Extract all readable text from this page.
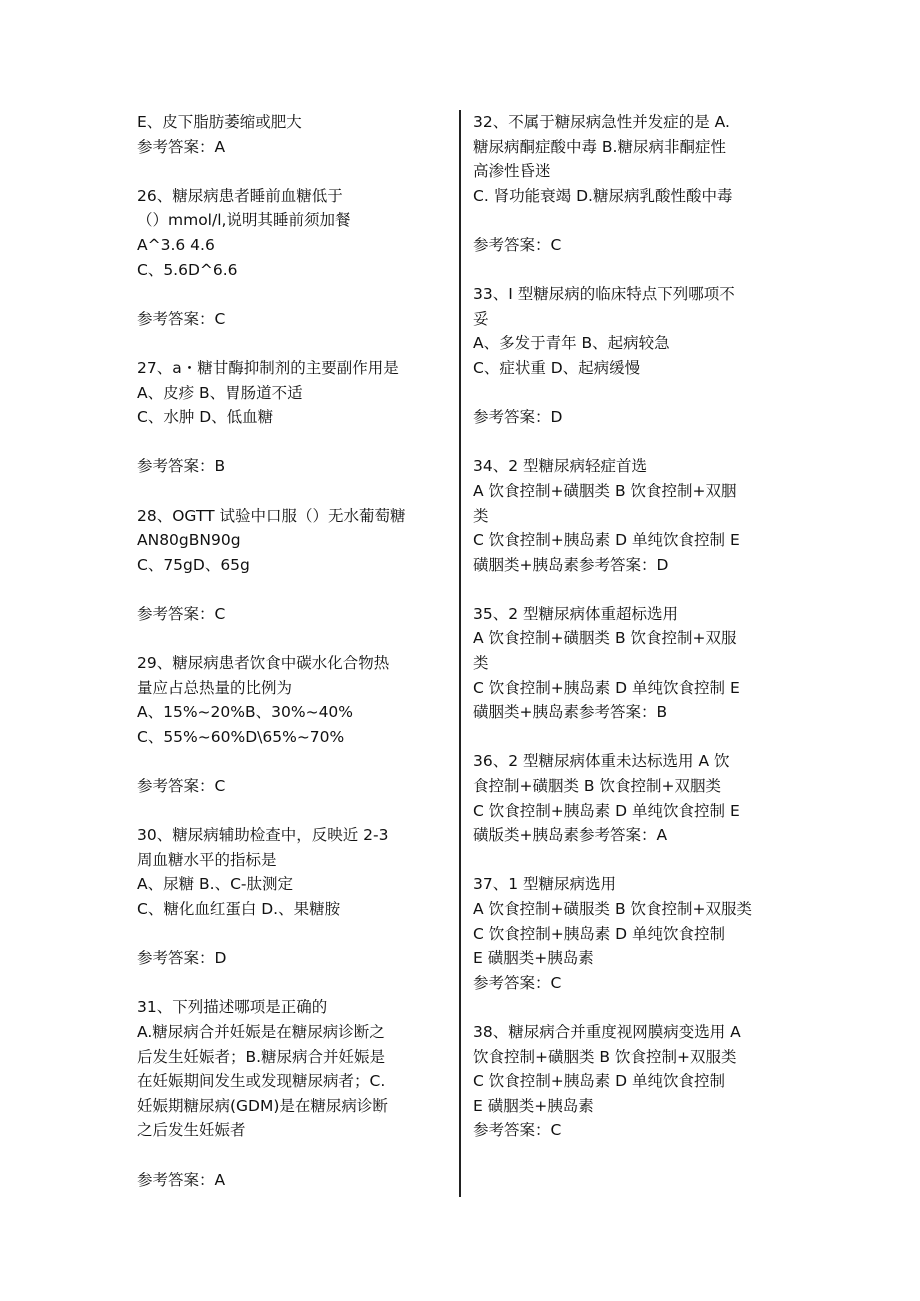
E、皮下脂肪萎缩或肥大
参考答案：A
26、糖尿病患者睡前血糖低于
（）mmol/l,说明其睡前须加餐
A^3.6 4.6
C、5.6D^6.6
参考答案：C
27、a・糖甘酶抑制剂的主要副作用是
A、皮疹 B、胃肠道不适
C、水肿 D、低血糖
参考答案：B
28、OGTT 试验中口服（）无水葡萄糖
AN80gBN90g
C、75gD、65g
参考答案：C
29、糖尿病患者饮食中碳水化合物热
量应占总热量的比例为
A、15%~20%B、30%~40%
C、55%~60%D\65%~70%
参考答案：C
30、糖尿病辅助检查中，反映近 2-3
周血糖水平的指标是
A、尿糖 B.、C-肽测定
C、糖化血红蛋白 D.、果糖胺
参考答案：D
31、下列描述哪项是正确的
A.糖尿病合并妊娠是在糖尿病诊断之
后发生妊娠者；B.糖尿病合并妊娠是
在妊娠期间发生或发现糖尿病者；C.
妊娠期糖尿病(GDM)是在糖尿病诊断
之后发生妊娠者
参考答案：A
32、不属于糖尿病急性并发症的是 A.
糖尿病酮症酸中毒 B.糖尿病非酮症性
高渗性昏迷
C. 肾功能衰竭 D.糖尿病乳酸性酸中毒
参考答案：C
33、I 型糖尿病的临床特点下列哪项不
妥
A、多发于青年 B、起病较急
C、症状重 D、起病缓慢
参考答案：D
34、2 型糖尿病轻症首选
A 饮食控制+磺胭类 B 饮食控制+双胭
类
C 饮食控制+胰岛素 D 单纯饮食控制 E
磺胭类+胰岛素参考答案：D
35、2 型糖尿病体重超标选用
A 饮食控制+磺胭类 B 饮食控制+双服
类
C 饮食控制+胰岛素 D 单纯饮食控制 E
磺胭类+胰岛素参考答案：B
36、2 型糖尿病体重未达标选用 A 饮
食控制+磺胭类 B 饮食控制+双胭类
C 饮食控制+胰岛素 D 单纯饮食控制 E
磺版类+胰岛素参考答案：A
37、1 型糖尿病选用
A 饮食控制+磺服类 B 饮食控制+双服类
C 饮食控制+胰岛素 D 单纯饮食控制
E 磺胭类+胰岛素
参考答案：C
38、糖尿病合并重度视网膜病变选用 A
饮食控制+磺胭类 B 饮食控制+双服类
C 饮食控制+胰岛素 D 单纯饮食控制
E 磺胭类+胰岛素
参考答案：C
